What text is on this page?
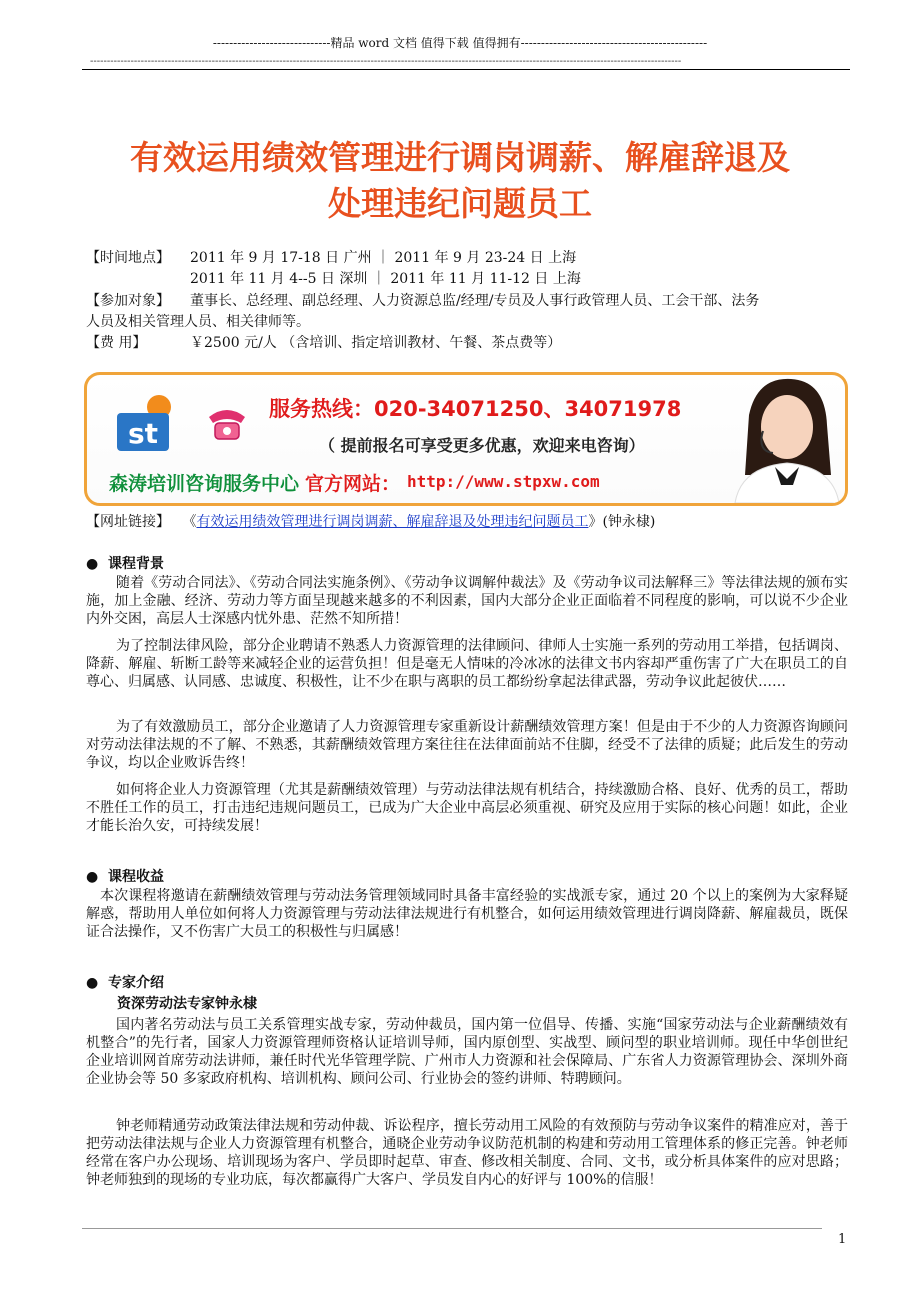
-----------------------------精品 word 文档 值得下载 值得拥有----------------------------------------------
-------------------------------------------------------------------------------------------------------------------------------------------------------------------------------
有效运用绩效管理进行调岗调薪、解雇辞退及
处理违纪问题员工
【时间地点】 2011 年 9 月 17-18 日 广州 ｜ 2011 年 9 月 23-24 日 上海
2011 年 11 月 4--5 日 深圳 ｜ 2011 年 11 月 11-12 日 上海
【参加对象】 董事长、总经理、副总经理、人力资源总监/经理/专员及人事行政管理人员、工会干部、法务
人员及相关管理人员、相关律师等。
【费 用】	￥2500 元/人 （含培训、指定培训教材、午餐、茶点费等）
st
服务热线：020-34071250、34071978
（ 提前报名可享受更多优惠，欢迎来电咨询）
森涛培训咨询服务中心 官方网站： http://www.stpxw.com
【网址链接】 《有效运用绩效管理进行调岗调薪、解雇辞退及处理违纪问题员工》(钟永棣)
●  课程背景
随着《劳动合同法》、《劳动合同法实施条例》、《劳动争议调解仲裁法》及《劳动争议司法解释三》等法律法规的颁布实施，加上金融、经济、劳动力等方面呈现越来越多的不利因素，国内大部分企业正面临着不同程度的影响，可以说不少企业内外交困，高层人士深感内忧外患、茫然不知所措！
为了控制法律风险，部分企业聘请不熟悉人力资源管理的法律顾问、律师人士实施一系列的劳动用工举措，包括调岗、降薪、解雇、斩断工龄等来减轻企业的运营负担！但是毫无人情味的冷冰冰的法律文书内容却严重伤害了广大在职员工的自尊心、归属感、认同感、忠诚度、积极性，让不少在职与离职的员工都纷纷拿起法律武器，劳动争议此起彼伏……
为了有效激励员工，部分企业邀请了人力资源管理专家重新设计薪酬绩效管理方案！但是由于不少的人力资源咨询顾问对劳动法律法规的不了解、不熟悉，其薪酬绩效管理方案往往在法律面前站不住脚，经受不了法律的质疑；此后发生的劳动争议，均以企业败诉告终！
如何将企业人力资源管理（尤其是薪酬绩效管理）与劳动法律法规有机结合，持续激励合格、良好、优秀的员工，帮助不胜任工作的员工，打击违纪违规问题员工，已成为广大企业中高层必须重视、研究及应用于实际的核心问题！如此，企业才能长治久安，可持续发展！
●  课程收益
本次课程将邀请在薪酬绩效管理与劳动法务管理领域同时具备丰富经验的实战派专家，通过 20 个以上的案例为大家释疑解惑，帮助用人单位如何将人力资源管理与劳动法律法规进行有机整合，如何运用绩效管理进行调岗降薪、解雇裁员，既保证合法操作，又不伤害广大员工的积极性与归属感！
●  专家介绍
资深劳动法专家钟永棣
国内著名劳动法与员工关系管理实战专家，劳动仲裁员，国内第一位倡导、传播、实施“国家劳动法与企业薪酬绩效有机整合”的先行者，国家人力资源管理师资格认证培训导师，国内原创型、实战型、顾问型的职业培训师。现任中华创世纪企业培训网首席劳动法讲师，兼任时代光华管理学院、广州市人力资源和社会保障局、广东省人力资源管理协会、深圳外商企业协会等 50 多家政府机构、培训机构、顾问公司、行业协会的签约讲师、特聘顾问。
钟老师精通劳动政策法律法规和劳动仲裁、诉讼程序，擅长劳动用工风险的有效预防与劳动争议案件的精准应对，善于把劳动法律法规与企业人力资源管理有机整合，通晓企业劳动争议防范机制的构建和劳动用工管理体系的修正完善。钟老师经常在客户办公现场、培训现场为客户、学员即时起草、审查、修改相关制度、合同、文书，或分析具体案件的应对思路；钟老师独到的现场的专业功底，每次都赢得广大客户、学员发自内心的好评与 100%的信服！
1
